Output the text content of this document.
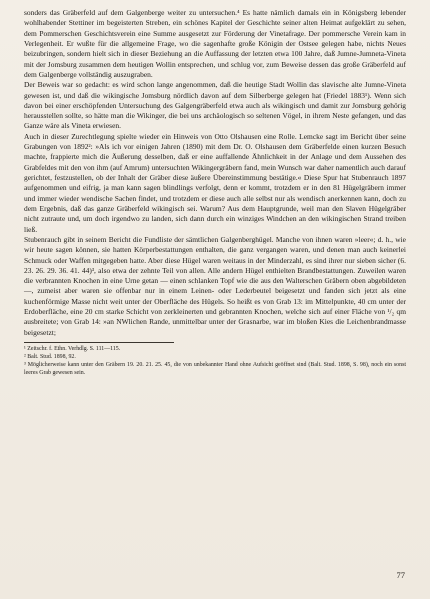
sonders das Gräberfeld auf dem Galgenberge weiter zu untersuchen.⁴ Es hatte nämlich damals ein in Königsberg lebender wohlhabender Stettiner im begeisterten Streben, ein schönes Kapitel der Geschichte seiner alten Heimat aufgeklärt zu sehen, dem Pommerschen Geschichtsverein eine Summe ausgesetzt zur Förderung der Vinetafrage. Der pommersche Verein kam in Verlegenheit. Er wußte für die allgemeine Frage, wo die sagenhafte große Königin der Ostsee gelegen habe, nichts Neues beizubringen, sondern hielt sich in dieser Beziehung an die Auffassung der letzten etwa 100 Jahre, daß Jumne-Jumneta-Vineta mit der Jomsburg zusammen dem heutigen Wollin entsprechen, und schlug vor, zum Beweise dessen das große Gräberfeld auf dem Galgenberge vollständig auszugraben.

Der Beweis war so gedacht: es wird schon lange angenommen, daß die heutige Stadt Wollin das slavische alte Jumne-Vineta gewesen ist, und daß die wikingische Jomsburg nördlich davon auf dem Silberberge gelegen hat (Friedel 1883¹). Wenn sich davon bei einer erschöpfenden Untersuchung des Galgengräberfeld etwa auch als wikingisch und damit zur Jomsburg gehörig herausstellen sollte, so hätte man die Wikinger, die bei uns archäologisch so seltenen Vögel, in ihrem Neste gefangen, und das Ganze wäre als Vineta erwiesen.

Auch in dieser Zurechtlegung spielte wieder ein Hinweis von Otto Olshausen eine Rolle. Lemcke sagt im Bericht über seine Grabungen von 1892²: »Als ich vor einigen Jahren (1890) mit dem Dr. O. Olshausen dem Gräberfelde einen kurzen Besuch machte, frappierte mich die Äußerung desselben, daß er eine auffallende Ähnlichkeit in der Anlage und dem Aussehen des Grabfeldes mit den von ihm (auf Amrum) untersuchten Wikingergräbern fand, mein Wunsch war daher namentlich auch darauf gerichtet, festzustellen, ob der Inhalt der Gräber diese äußere Übereinstimmung bestätige.« Diese Spur hat Stubenrauch 1897 aufgenommen und eifrig, ja man kann sagen blindlings verfolgt, denn er kommt, trotzdem er in den 81 Hügelgräbern immer und immer wieder wendische Sachen findet, und trotzdem er diese auch alle selbst nur als wendisch anerkennen kann, doch zu dem Ergebnis, daß das ganze Gräberfeld wikingisch sei. Warum? Aus dem Hauptgrunde, weil man den Slaven Hügelgräber nicht zutraute und, um doch irgendwo zu landen, sich dann durch ein winziges Windchen an den wikingischen Strand treiben ließ.

Stubenrauch gibt in seinem Bericht die Fundliste der sämtlichen Galgenberghügel. Manche von ihnen waren »leer«; d. h., wie wir heute sagen können, sie hatten Körperbestattungen enthalten, die ganz vergangen waren, und denen man auch keinerlei Schmuck oder Waffen mitgegeben hatte. Aber diese Hügel waren weitaus in der Minderzahl, es sind ihrer nur sieben sicher (6. 23. 26. 29. 36. 41. 44)³, also etwa der zehnte Teil von allen. Alle andern Hügel enthielten Brandbestattungen. Zuweilen waren die verbrannten Knochen in eine Urne getan — einen schlanken Topf wie die aus den Walterschen Gräbern oben abgebildeten —, zumeist aber waren sie offenbar nur in einem Leinen- oder Lederbeutel beigesetzt und fanden sich jetzt als eine kuchenförmige Masse nicht weit unter der Oberfläche des Hügels. So heißt es von Grab 13: im Mittelpunkte, 40 cm unter der Erdoberfläche, eine 20 cm starke Schicht von zerkleinerten und gebrannten Knochen, welche sich auf einer Fläche von ¹/₂ qm ausbreitete; von Grab 14: »an NWlichen Rande, unmittelbar unter der Grasnarbe, war im bloßen Kies die Leichenbrandmasse beigesetzt;

¹ Zeitschr. f. Ethn. Verhdlg. S. 111—115.
² Balt. Stud. 1898, 92.
³ Möglicherweise kann unter den Gräbern 19. 20. 21. 25. 45, die von unbekannter Hand ohne Aufsicht geöffnet sind (Balt. Stud. 1898, S. 98), noch ein sonst leeres Grab gewesen sein.
77
